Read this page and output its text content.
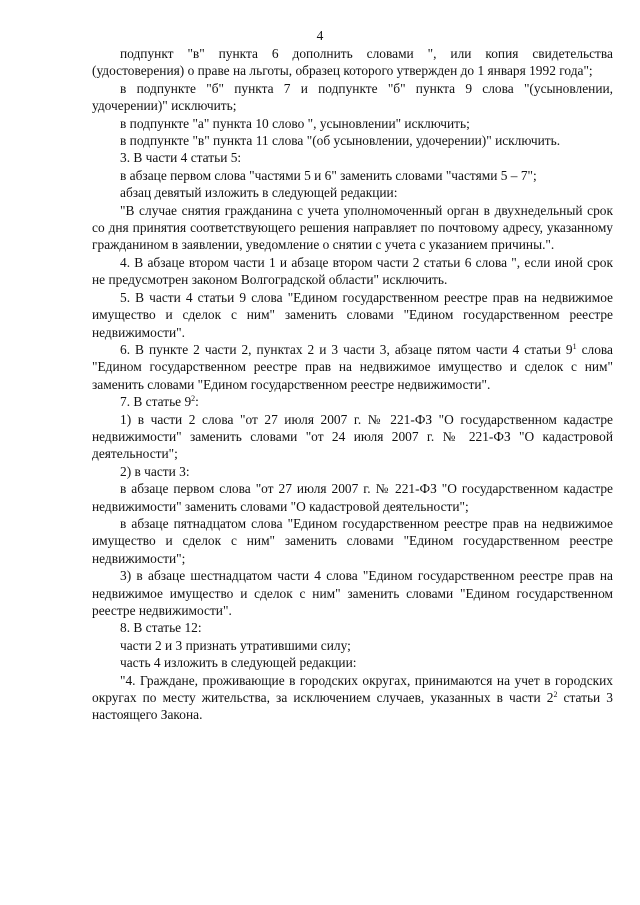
4

подпункт "в" пункта 6 дополнить словами ", или копия свидетельства (удостоверения) о праве на льготы, образец которого утвержден до 1 января 1992 года";

в подпункте "б" пункта 7 и подпункте "б" пункта 9 слова "(усыновлении, удочерении)" исключить;

в подпункте "а" пункта 10 слово ", усыновлении" исключить;

в подпункте "в" пункта 11 слова "(об усыновлении, удочерении)" исключить.

3. В части 4 статьи 5:

в абзаце первом слова "частями 5 и 6" заменить словами "частями 5 – 7";

абзац девятый изложить в следующей редакции:

"В случае снятия гражданина с учета уполномоченный орган в двухнедельный срок со дня принятия соответствующего решения направляет по почтовому адресу, указанному гражданином в заявлении, уведомление о снятии с учета с указанием причины.".

4. В абзаце втором части 1 и абзаце втором части 2 статьи 6 слова ", если иной срок не предусмотрен законом Волгоградской области" исключить.

5. В части 4 статьи 9 слова "Едином государственном реестре прав на недвижимое имущество и сделок с ним" заменить словами "Едином государственном реестре недвижимости".

6. В пункте 2 части 2, пунктах 2 и 3 части 3, абзаце пятом части 4 статьи $9^1$ слова "Едином государственном реестре прав на недвижимое имущество и сделок с ним" заменить словами "Едином государственном реестре недвижимости".

7. В статье $9^2$:

1) в части 2 слова "от 27 июля 2007 г. № 221-ФЗ "О государственном кадастре недвижимости" заменить словами "от 24 июля 2007 г. № 221-ФЗ "О кадастровой деятельности";

2) в части 3:

в абзаце первом слова "от 27 июля 2007 г. № 221-ФЗ "О государственном кадастре недвижимости" заменить словами "О кадастровой деятельности";

в абзаце пятнадцатом слова "Едином государственном реестре прав на недвижимое имущество и сделок с ним" заменить словами "Едином государственном реестре недвижимости";

3) в абзаце шестнадцатом части 4 слова "Едином государственном реестре прав на недвижимое имущество и сделок с ним" заменить словами "Едином государственном реестре недвижимости".

8. В статье 12:

части 2 и 3 признать утратившими силу;

часть 4 изложить в следующей редакции:

"4. Граждане, проживающие в городских округах, принимаются на учет в городских округах по месту жительства, за исключением случаев, указанных в части $2^2$ статьи 3 настоящего Закона.
